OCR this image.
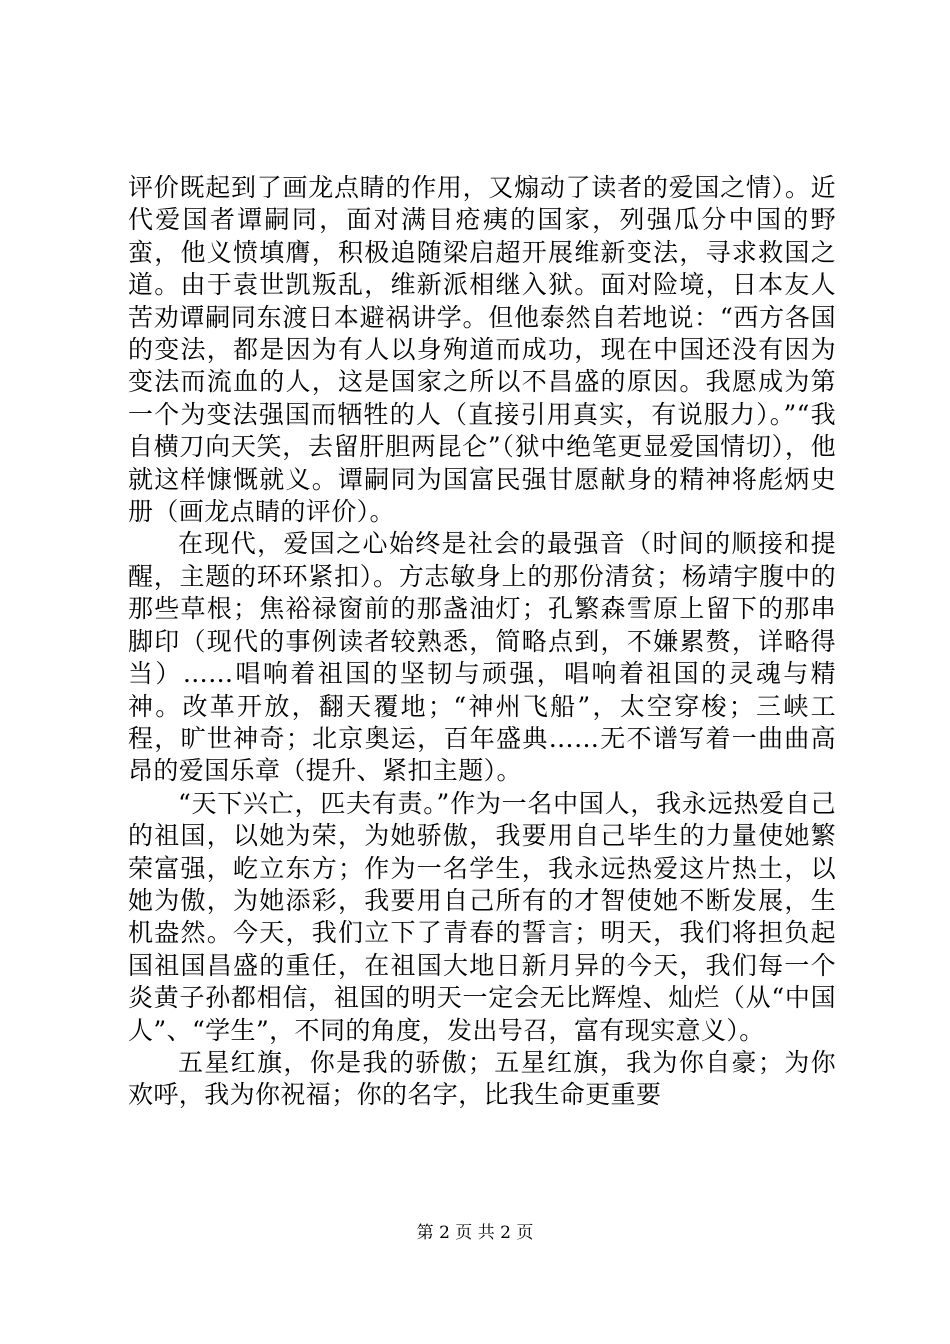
评价既起到了画龙点睛的作用，又煽动了读者的爱国之情）。近代爱国者谭嗣同，面对满目疮痍的国家，列强瓜分中国的野蛮，他义愤填膺，积极追随梁启超开展维新变法，寻求救国之道。由于袁世凯叛乱，维新派相继入狱。面对险境，日本友人苦劝谭嗣同东渡日本避祸讲学。但他泰然自若地说：“西方各国的变法，都是因为有人以身殉道而成功，现在中国还没有因为变法而流血的人，这是国家之所以不昌盛的原因。我愿成为第一个为变法强国而牺牲的人（直接引用真实，有说服力）。”“我自横刀向天笑，去留肝胆两昆仑”（狱中绝笔更显爱国情切），他就这样慷慨就义。谭嗣同为国富民强甘愿献身的精神将彪炳史册（画龙点睛的评价）。

在现代，爱国之心始终是社会的最强音（时间的顺接和提醒，主题的环环紧扣）。方志敏身上的那份清贫；杨靖宇腹中的那些草根；焦裕禄窗前的那盏油灯；孔繁森雪原上留下的那串脚印（现代的事例读者较熟悉，简略点到，不嫌累赘，详略得当）……唱响着祖国的坚韧与顽强，唱响着祖国的灵魂与精神。改革开放，翻天覆地；“神州飞船”，太空穿梭；三峡工程，旷世神奇；北京奥运，百年盛典……无不谱写着一曲曲高昂的爱国乐章（提升、紧扣主题）。

“天下兴亡，匹夫有责。”作为一名中国人，我永远热爱自己的祖国，以她为荣，为她骄傲，我要用自己毕生的力量使她繁荣富强，屹立东方；作为一名学生，我永远热爱这片热土，以她为傲，为她添彩，我要用自己所有的才智使她不断发展，生机盎然。今天，我们立下了青春的誓言；明天，我们将担负起国祖国昌盛的重任，在祖国大地日新月异的今天，我们每一个炎黄子孙都相信，祖国的明天一定会无比辉煌、灿烂（从“中国人”、“学生”，不同的角度，发出号召，富有现实意义）。

五星红旗，你是我的骄傲；五星红旗，我为你自豪；为你欢呼，我为你祝福；你的名字，比我生命更重要

第 2 页 共 2 页
